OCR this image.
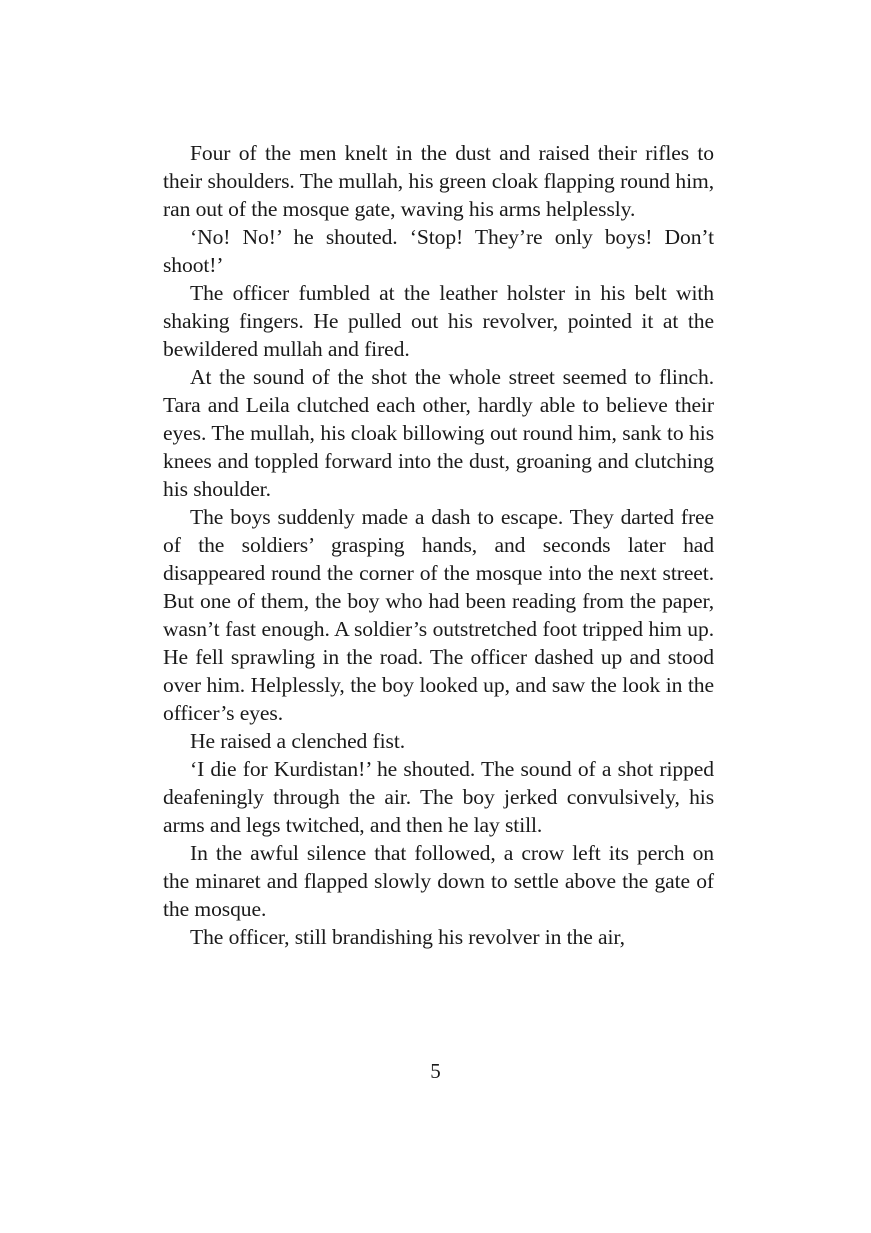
Four of the men knelt in the dust and raised their rifles to their shoulders. The mullah, his green cloak flapping round him, ran out of the mosque gate, waving his arms helplessly.

‘No! No!’ he shouted. ‘Stop! They’re only boys! Don’t shoot!’

The officer fumbled at the leather holster in his belt with shaking fingers. He pulled out his revolver, pointed it at the bewildered mullah and fired.

At the sound of the shot the whole street seemed to flinch. Tara and Leila clutched each other, hardly able to believe their eyes. The mullah, his cloak billowing out round him, sank to his knees and toppled forward into the dust, groaning and clutching his shoulder.

The boys suddenly made a dash to escape. They darted free of the soldiers’ grasping hands, and seconds later had disappeared round the corner of the mosque into the next street. But one of them, the boy who had been reading from the paper, wasn’t fast enough. A soldier’s outstretched foot tripped him up. He fell sprawling in the road. The officer dashed up and stood over him. Helplessly, the boy looked up, and saw the look in the officer’s eyes.

He raised a clenched fist.

‘I die for Kurdistan!’ he shouted. The sound of a shot ripped deafeningly through the air. The boy jerked convulsively, his arms and legs twitched, and then he lay still.

In the awful silence that followed, a crow left its perch on the minaret and flapped slowly down to settle above the gate of the mosque.

The officer, still brandishing his revolver in the air,

5
